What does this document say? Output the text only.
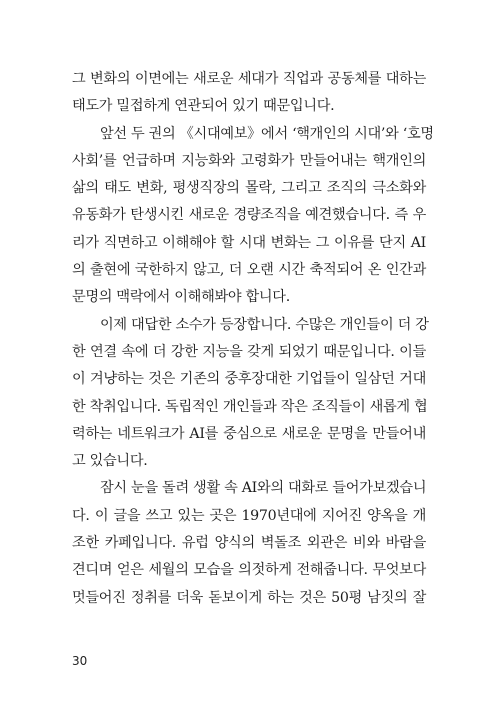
그 변화의 이면에는 새로운 세대가 직업과 공동체를 대하는
태도가 밀접하게 연관되어 있기 때문입니다.
앞선 두 권의 《시대예보》에서 ‘핵개인의 시대’와 ‘호명
사회’를 언급하며 지능화와 고령화가 만들어내는 핵개인의
삶의 태도 변화, 평생직장의 몰락, 그리고 조직의 극소화와
유동화가 탄생시킨 새로운 경량조직을 예견했습니다. 즉 우
리가 직면하고 이해해야 할 시대 변화는 그 이유를 단지 AI
의 출현에 국한하지 않고, 더 오랜 시간 축적되어 온 인간과
문명의 맥락에서 이해해봐야 합니다.
이제 대답한 소수가 등장합니다. 수많은 개인들이 더 강
한 연결 속에 더 강한 지능을 갖게 되었기 때문입니다. 이들
이 겨냥하는 것은 기존의 중후장대한 기업들이 일삼던 거대
한 착취입니다. 독립적인 개인들과 작은 조직들이 새롭게 협
력하는 네트워크가 AI를 중심으로 새로운 문명을 만들어내
고 있습니다.
잠시 눈을 돌려 생활 속 AI와의 대화로 들어가보겠습니
다. 이 글을 쓰고 있는 곳은 1970년대에 지어진 양옥을 개
조한 카페입니다. 유럽 양식의 벽돌조 외관은 비와 바람을
견디며 얻은 세월의 모습을 의젓하게 전해줍니다. 무엇보다
멋들어진 정취를 더욱 돋보이게 하는 것은 50평 남짓의 잘
30
